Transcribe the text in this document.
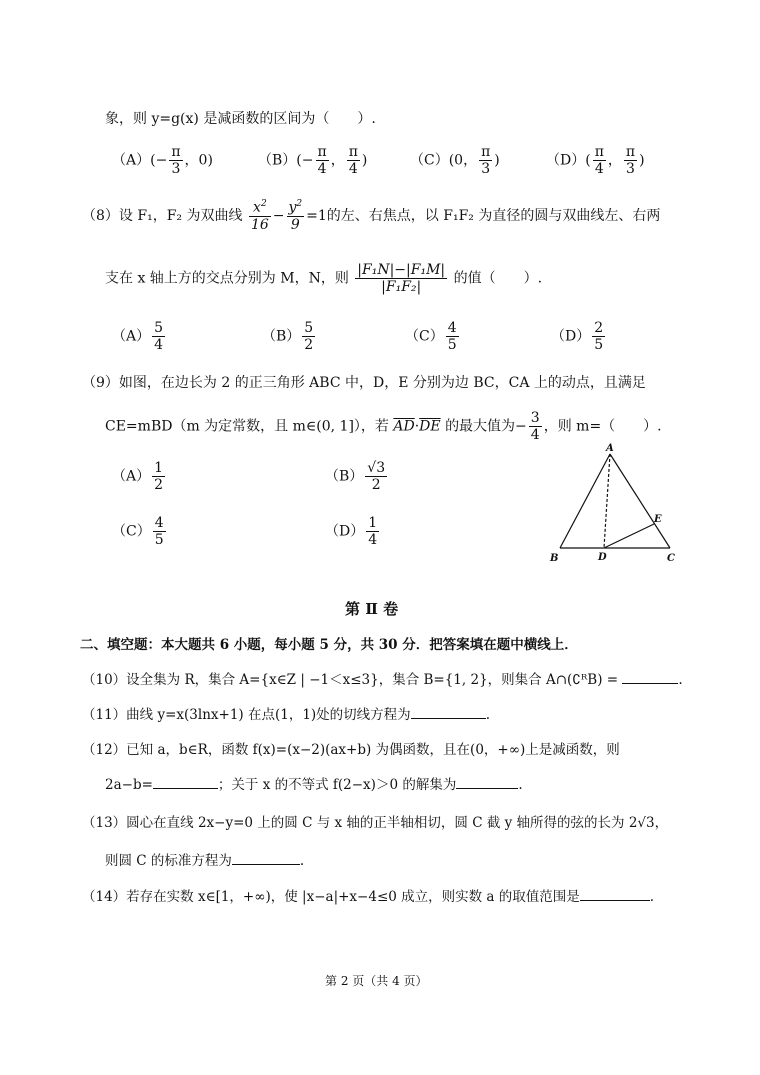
象，则 y=g(x) 是减函数的区间为（　　）.
$(A)(- \frac{\pi}{3}$ ，0)	$(B)(- \frac{\pi}{4}$ ， $\frac{\pi}{4}$ )	（C）(0， $\frac{\pi}{3}$ )	$(D)( \frac{\pi}{4}$ ， $\frac{\pi}{3}$ )
（8）设 F₁，F₂ 为双曲线 $\frac{x^2}{16} - \frac{y^2}{9} =1$的左、右焦点，以 F₁F₂ 为直径的圆与双曲线左、右两
支在 x 轴上方的交点分别为 M，N，则 $\frac{\text{|F₁N|−|F₁M|}}{\text{|F₁F₂|}}$ 的值（　　）.
$(A) \frac{5}{4}$	$(B) \frac{5}{2}$	$(C) \frac{4}{5}$	$(D) \frac{2}{5}$
（9）如图，在边长为 2 的正三角形 ABC 中，D，E 分别为边 BC，CA 上的动点，且满足
CE=mBD（m 为定常数，且 m∈(0, 1]），若 $\overline{AD}\cdot\overline{DE}$ 的最大值为− $\frac{3}{4}$ ，则 m=（　　）.
$(A) \frac{1}{2}$	$(B) \frac{√3}{2}$
$(C) \frac{4}{5}$	$(D) \frac{1}{4}$
A
B	C
D
E
第 Ⅱ 卷
二、填空题：本大题共 6 小题，每小题 5 分，共 30 分．把答案填在题中横线上．
（10）设全集为 R，集合 A={x∈Z | −1＜x≤3}，集合 B={1, 2}，则集合 A∩(∁ᴿB) =	.
（11）曲线 y=x(3lnx+1) 在点(1，1)处的切线方程为	.
（12）已知 a，b∈R，函数 f(x)=(x−2)(ax+b) 为偶函数，且在(0，+∞)上是减函数，则
2a−b=	；关于 x 的不等式 f(2−x)＞0 的解集为	.
（13）圆心在直线 2x−y=0 上的圆 C 与 x 轴的正半轴相切，圆 C 截 y 轴所得的弦的长为 2√3，
则圆 C 的标准方程为	.
（14）若存在实数 x∈[1，+∞)，使 |x−a|+x−4≤0 成立，则实数 a 的取值范围是	.
第 2 页（共 4 页）
